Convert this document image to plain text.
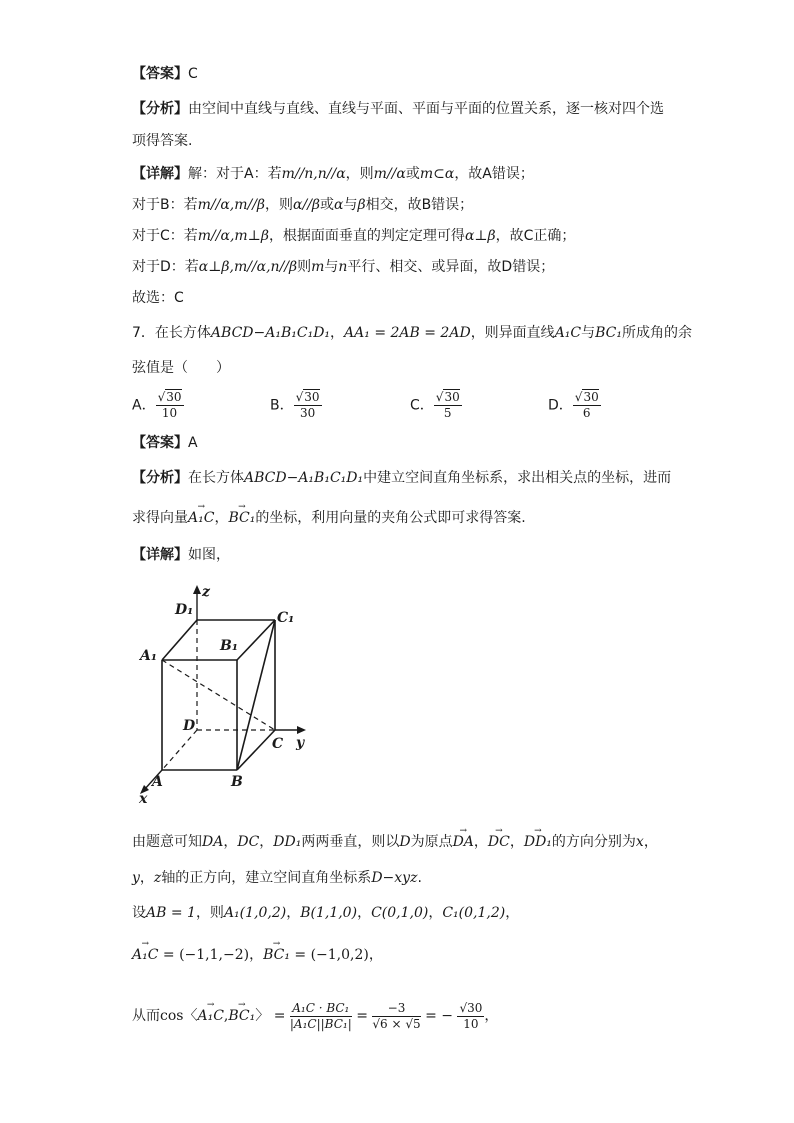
【答案】C
【分析】由空间中直线与直线、直线与平面、平面与平面的位置关系，逐一核对四个选
项得答案.
【详解】解：对于A：若m//n,n//α，则m//α或m⊂α，故A错误；
对于B：若m//α,m//β，则α//β或α与β相交，故B错误；
对于C：若m//α,m⊥β，根据面面垂直的判定定理可得α⊥β，故C正确；
对于D：若α⊥β,m//α,n//β则m与n平行、相交、或异面，故D错误；
故选：C
7．在长方体ABCD−A₁B₁C₁D₁，AA₁ = 2AB = 2AD，则异面直线A₁C与BC₁所成角的余
弦值是（　　）
A． $\frac{√30}{10}$	B． $\frac{√30}{30}$	C． $\frac{√30}{5}$	D． $\frac{√30}{6}$
【答案】A
【分析】在长方体ABCD−A₁B₁C₁D₁中建立空间直角坐标系，求出相关点的坐标，进而
求得向量→ A₁C，→ BC₁的坐标，利用向量的夹角公式即可求得答案.
【详解】如图，
z
y
x
D₁	C₁
A₁
B₁
D
C
A	B
由题意可知DA，DC，DD₁两两垂直，则以D为原点→ DA，→ DC，→ DD₁的方向分别为x，
y，z轴的正方向，建立空间直角坐标系D−xyz.
设AB = 1，则A₁(1,0,2)，B(1,1,0)，C(0,1,0)，C₁(0,1,2)，
→ A₁C = (−1,1,−2)，→ BC₁ = (−1,0,2)，
从而cos〈→ A₁C,→ BC₁〉 = $\frac{\text{A₁C · BC₁}}{\text{|A₁C||BC₁|}} = \frac{-3}{√6 \times √5}$ = − $\frac{√30}{10}$ ，
